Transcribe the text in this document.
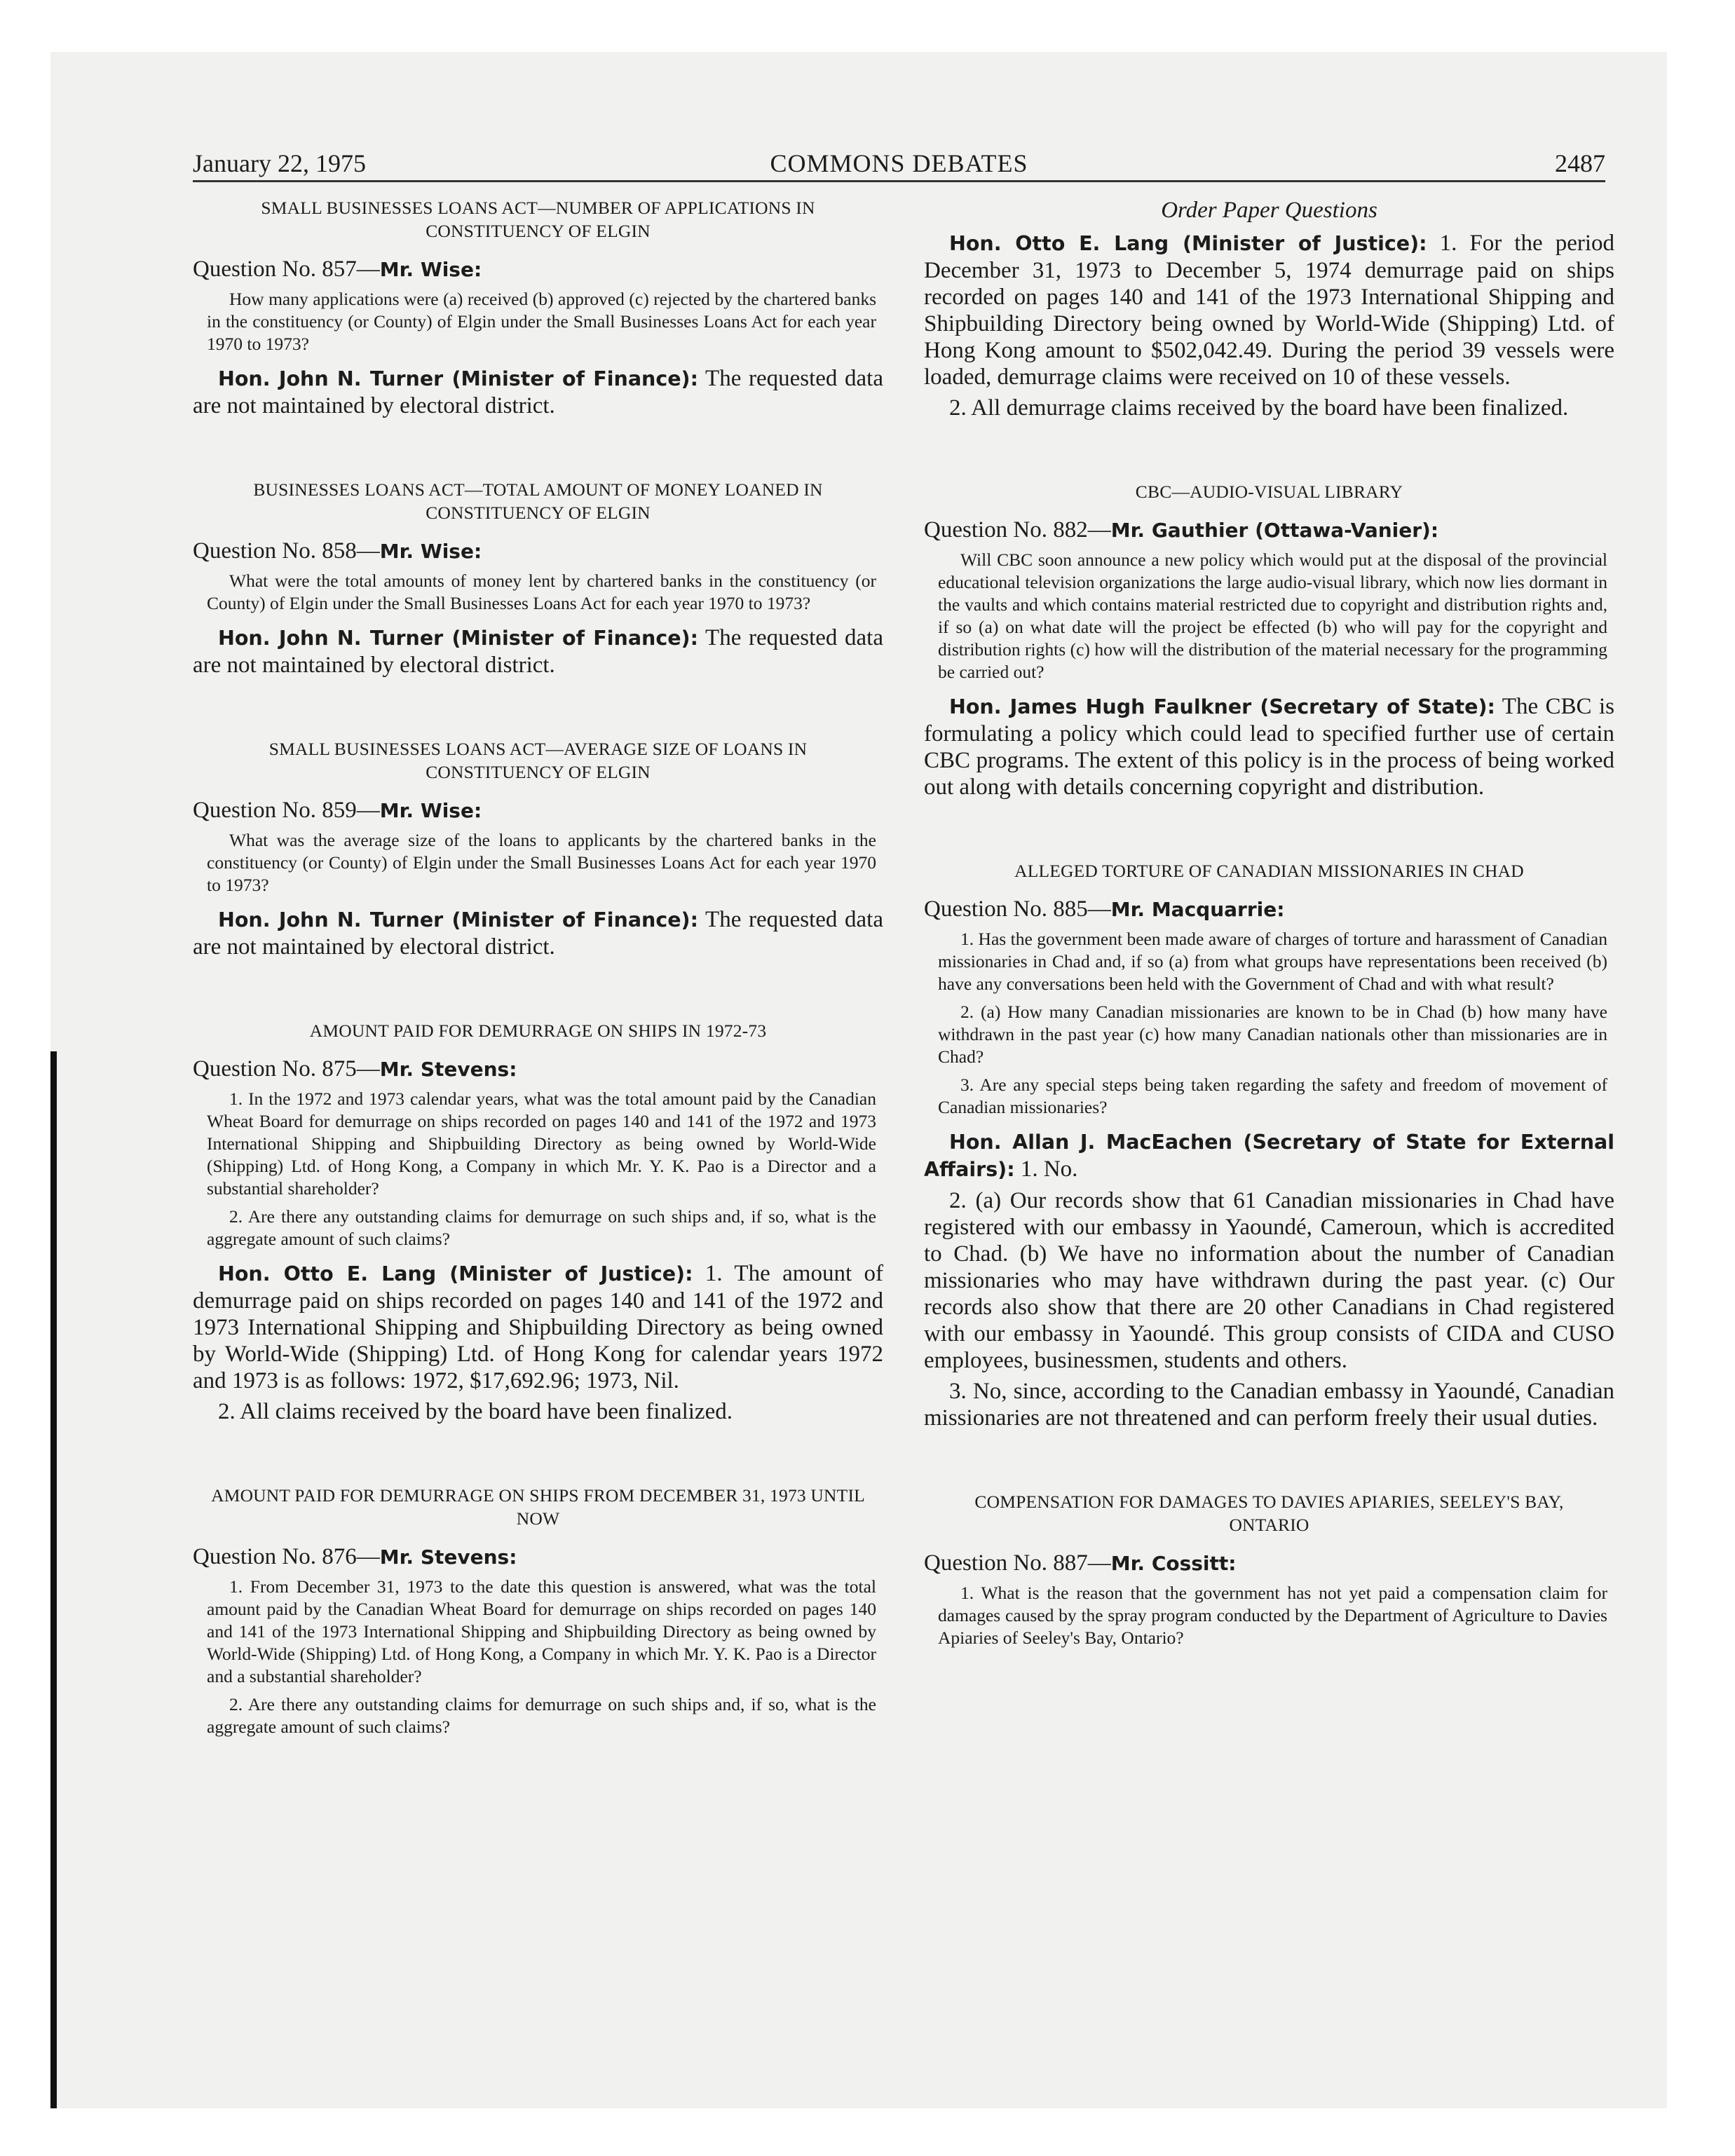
January 22, 1975	COMMONS DEBATES	2487
SMALL BUSINESSES LOANS ACT—NUMBER OF APPLICATIONS IN CONSTITUENCY OF ELGIN
Question No. 857—Mr. Wise:

How many applications were (a) received (b) approved (c) rejected by the chartered banks in the constituency (or County) of Elgin under the Small Businesses Loans Act for each year 1970 to 1973?

Hon. John N. Turner (Minister of Finance): The requested data are not maintained by electoral district.

BUSINESSES LOANS ACT—TOTAL AMOUNT OF MONEY LOANED IN CONSTITUENCY OF ELGIN
Question No. 858—Mr. Wise:

What were the total amounts of money lent by chartered banks in the constituency (or County) of Elgin under the Small Businesses Loans Act for each year 1970 to 1973?

Hon. John N. Turner (Minister of Finance): The requested data are not maintained by electoral district.

SMALL BUSINESSES LOANS ACT—AVERAGE SIZE OF LOANS IN CONSTITUENCY OF ELGIN
Question No. 859—Mr. Wise:

What was the average size of the loans to applicants by the chartered banks in the constituency (or County) of Elgin under the Small Businesses Loans Act for each year 1970 to 1973?

Hon. John N. Turner (Minister of Finance): The requested data are not maintained by electoral district.

AMOUNT PAID FOR DEMURRAGE ON SHIPS IN 1972-73
Question No. 875—Mr. Stevens:

1. In the 1972 and 1973 calendar years, what was the total amount paid by the Canadian Wheat Board for demurrage on ships recorded on pages 140 and 141 of the 1972 and 1973 International Shipping and Shipbuilding Directory as being owned by World-Wide (Shipping) Ltd. of Hong Kong, a Company in which Mr. Y. K. Pao is a Director and a substantial shareholder?

2. Are there any outstanding claims for demurrage on such ships and, if so, what is the aggregate amount of such claims?

Hon. Otto E. Lang (Minister of Justice): 1. The amount of demurrage paid on ships recorded on pages 140 and 141 of the 1972 and 1973 International Shipping and Shipbuilding Directory as being owned by World-Wide (Shipping) Ltd. of Hong Kong for calendar years 1972 and 1973 is as follows: 1972, $17,692.96; 1973, Nil.

2. All claims received by the board have been finalized.

AMOUNT PAID FOR DEMURRAGE ON SHIPS FROM DECEMBER 31, 1973 UNTIL NOW
Question No. 876—Mr. Stevens:

1. From December 31, 1973 to the date this question is answered, what was the total amount paid by the Canadian Wheat Board for demurrage on ships recorded on pages 140 and 141 of the 1973 International Shipping and Shipbuilding Directory as being owned by World-Wide (Shipping) Ltd. of Hong Kong, a Company in which Mr. Y. K. Pao is a Director and a substantial shareholder?

2. Are there any outstanding claims for demurrage on such ships and, if so, what is the aggregate amount of such claims?

Order Paper Questions

Hon. Otto E. Lang (Minister of Justice): 1. For the period December 31, 1973 to December 5, 1974 demurrage paid on ships recorded on pages 140 and 141 of the 1973 International Shipping and Shipbuilding Directory being owned by World-Wide (Shipping) Ltd. of Hong Kong amount to $502,042.49. During the period 39 vessels were loaded, demurrage claims were received on 10 of these vessels.

2. All demurrage claims received by the board have been finalized.

CBC—AUDIO-VISUAL LIBRARY
Question No. 882—Mr. Gauthier (Ottawa-Vanier):

Will CBC soon announce a new policy which would put at the disposal of the provincial educational television organizations the large audio-visual library, which now lies dormant in the vaults and which contains material restricted due to copyright and distribution rights and, if so (a) on what date will the project be effected (b) who will pay for the copyright and distribution rights (c) how will the distribution of the material necessary for the programming be carried out?

Hon. James Hugh Faulkner (Secretary of State): The CBC is formulating a policy which could lead to specified further use of certain CBC programs. The extent of this policy is in the process of being worked out along with details concerning copyright and distribution.

ALLEGED TORTURE OF CANADIAN MISSIONARIES IN CHAD
Question No. 885—Mr. Macquarrie:

1. Has the government been made aware of charges of torture and harassment of Canadian missionaries in Chad and, if so (a) from what groups have representations been received (b) have any conversations been held with the Government of Chad and with what result?

2. (a) How many Canadian missionaries are known to be in Chad (b) how many have withdrawn in the past year (c) how many Canadian nationals other than missionaries are in Chad?

3. Are any special steps being taken regarding the safety and freedom of movement of Canadian missionaries?

Hon. Allan J. MacEachen (Secretary of State for External Affairs): 1. No.

2. (a) Our records show that 61 Canadian missionaries in Chad have registered with our embassy in Yaoundé, Cameroun, which is accredited to Chad. (b) We have no information about the number of Canadian missionaries who may have withdrawn during the past year. (c) Our records also show that there are 20 other Canadians in Chad registered with our embassy in Yaoundé. This group consists of CIDA and CUSO employees, businessmen, students and others.

3. No, since, according to the Canadian embassy in Yaoundé, Canadian missionaries are not threatened and can perform freely their usual duties.

COMPENSATION FOR DAMAGES TO DAVIES APIARIES, SEELEY'S BAY, ONTARIO
Question No. 887—Mr. Cossitt:

1. What is the reason that the government has not yet paid a compensation claim for damages caused by the spray program conducted by the Department of Agriculture to Davies Apiaries of Seeley's Bay, Ontario?
